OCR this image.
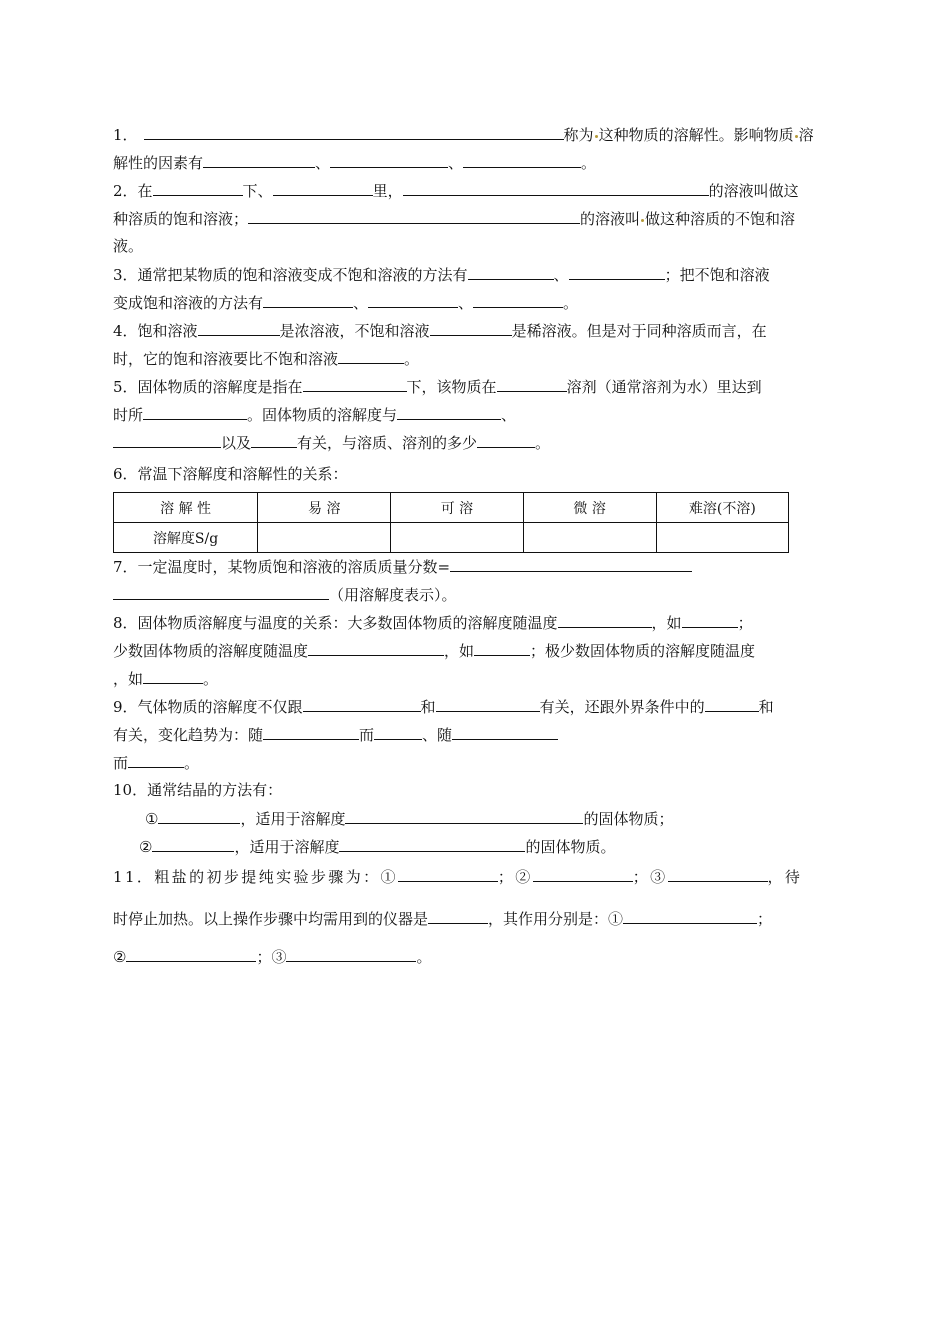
1．	称为 这种物质的溶解性。影响物质 溶
解性的因素有	、	、	。
2．在	下、	里，	的溶液叫做这
种溶质的饱和溶液；	的溶液叫 做这种溶质的不饱和溶
液。
3．通常把某物质的饱和溶液变成不饱和溶液的方法有	、	；把不饱和溶液
变成饱和溶液的方法有	、	、	。
4．饱和溶液	是浓溶液，不饱和溶液	是稀溶液。但是对于同种溶质而言，在
时，它的饱和溶液要比不饱和溶液	。
5．固体物质的溶解度是指在	下，该物质在	溶剂（通常溶剂为水）里达到
时所	。固体物质的溶解度与	、
以及	有关，与溶质、溶剂的多少	。
6．常温下溶解度和溶解性的关系：
溶 解 性	易 溶	可 溶	微 溶	难溶(不溶)
溶解度S/g				
7．一定温度时，某物质饱和溶液的溶质质量分数=
（用溶解度表示）。
8．固体物质溶解度与温度的关系：大多数固体物质的溶解度随温度	，如	；
少数固体物质的溶解度随温度	，如	；极少数固体物质的溶解度随温度
，如	。
9．气体物质的溶解度不仅跟	和	有关，还跟外界条件中的	和
有关，变化趋势为：随	而	、随
而	。
10．通常结晶的方法有：
①	，适用于溶解度	的固体物质；
②	，适用于溶解度	的固体物质。
11．粗盐的初步提纯实验步骤为：①	；②	；③	，待
时停止加热。以上操作步骤中均需用到的仪器是	，其作用分别是：①	；
②	；③	。
